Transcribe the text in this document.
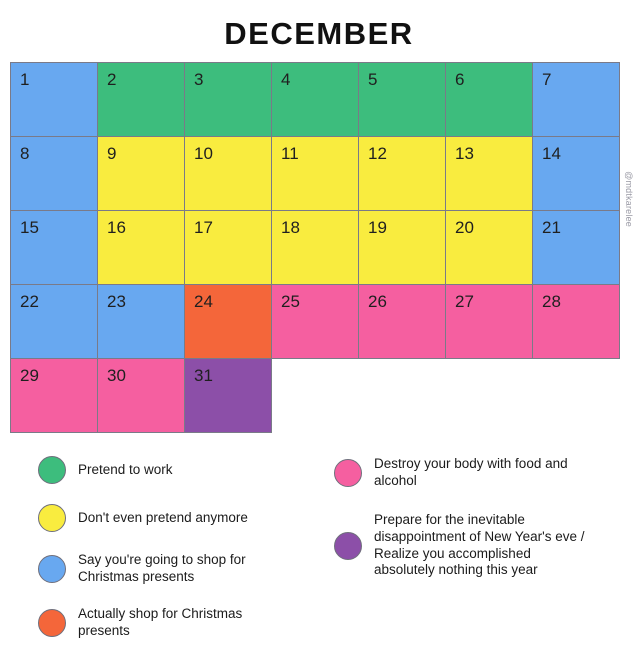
DECEMBER
1	2	3	4	5	6	7
8	9	10	11	12	13	14
15	16	17	18	19	20	21
22	23	24	25	26	27	28
29	30	31
@mdtkarelee
Pretend to work
Don't even pretend anymore
Say you're going to shop for Christmas presents
Actually shop for Christmas presents
Destroy your body with food and alcohol
Prepare for the inevitable disappointment of New Year's eve / Realize you accomplished absolutely nothing this year
